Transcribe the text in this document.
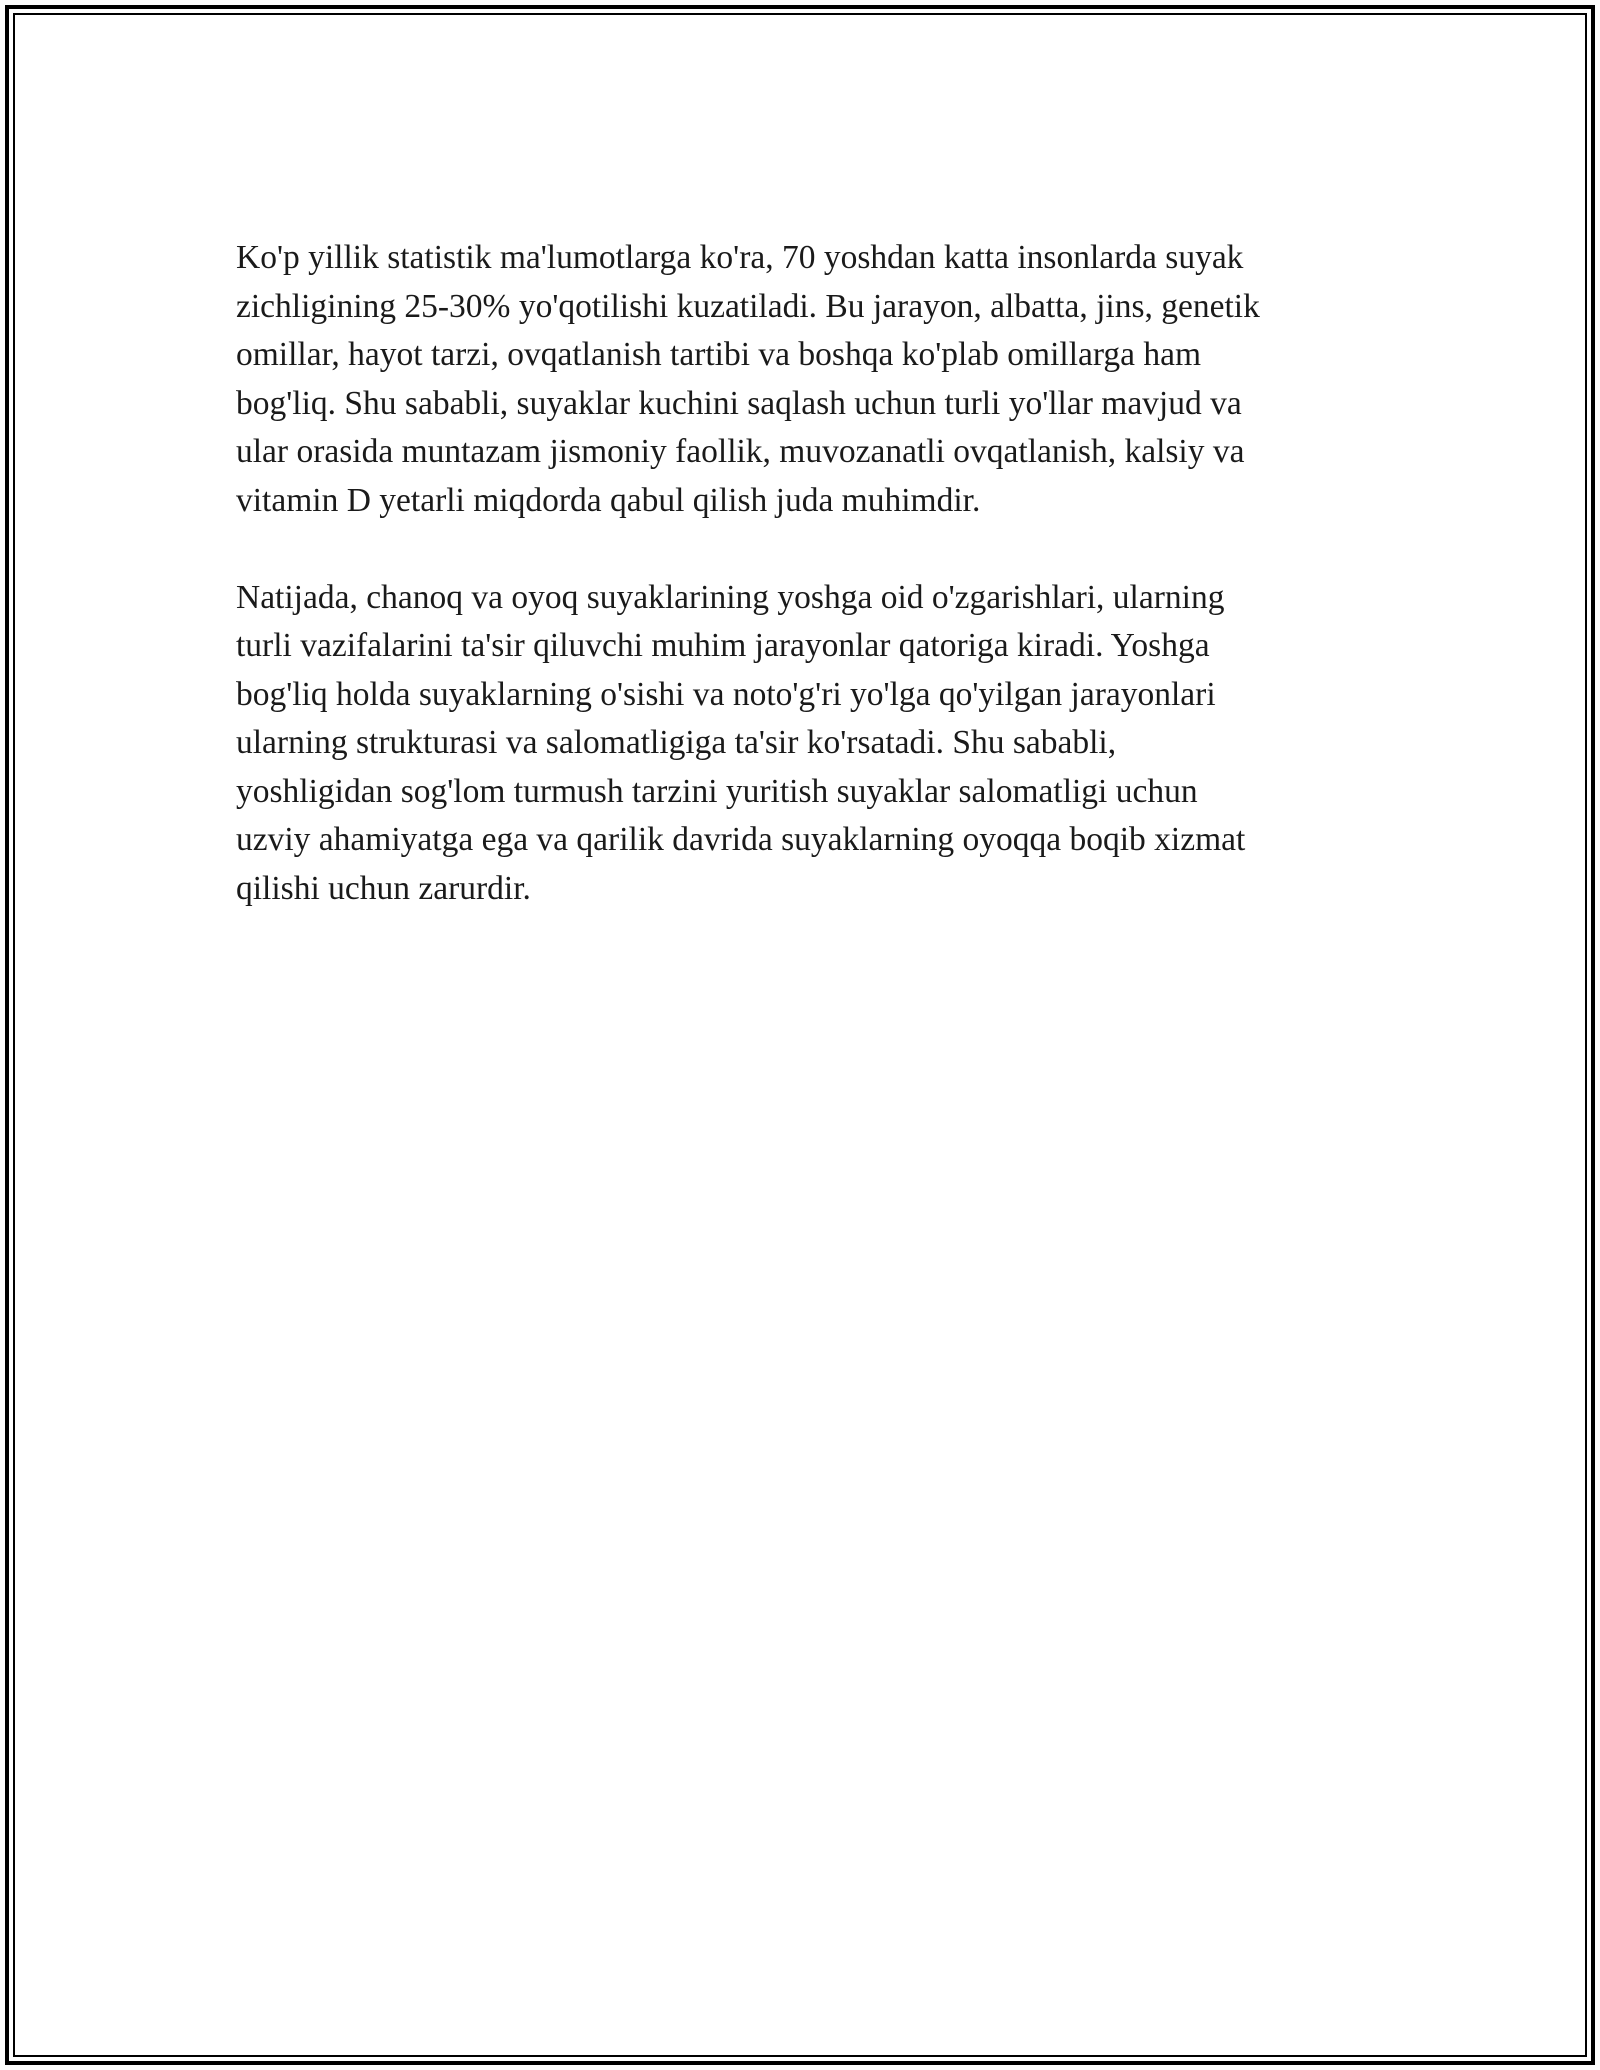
Ko'p yillik statistik ma'lumotlarga ko'ra, 70 yoshdan katta insonlarda suyak
zichligining 25-30% yo'qotilishi kuzatiladi. Bu jarayon, albatta, jins, genetik
omillar, hayot tarzi, ovqatlanish tartibi va boshqa ko'plab omillarga ham
bog'liq. Shu sababli, suyaklar kuchini saqlash uchun turli yo'llar mavjud va
ular orasida muntazam jismoniy faollik, muvozanatli ovqatlanish, kalsiy va
vitamin D yetarli miqdorda qabul qilish juda muhimdir.

Natijada, chanoq va oyoq suyaklarining yoshga oid o'zgarishlari, ularning
turli vazifalarini ta'sir qiluvchi muhim jarayonlar qatoriga kiradi. Yoshga
bog'liq holda suyaklarning o'sishi va noto'g'ri yo'lga qo'yilgan jarayonlari
ularning strukturasi va salomatligiga ta'sir ko'rsatadi. Shu sababli,
yoshligidan sog'lom turmush tarzini yuritish suyaklar salomatligi uchun
uzviy ahamiyatga ega va qarilik davrida suyaklarning oyoqqa boqib xizmat
qilishi uchun zarurdir.
